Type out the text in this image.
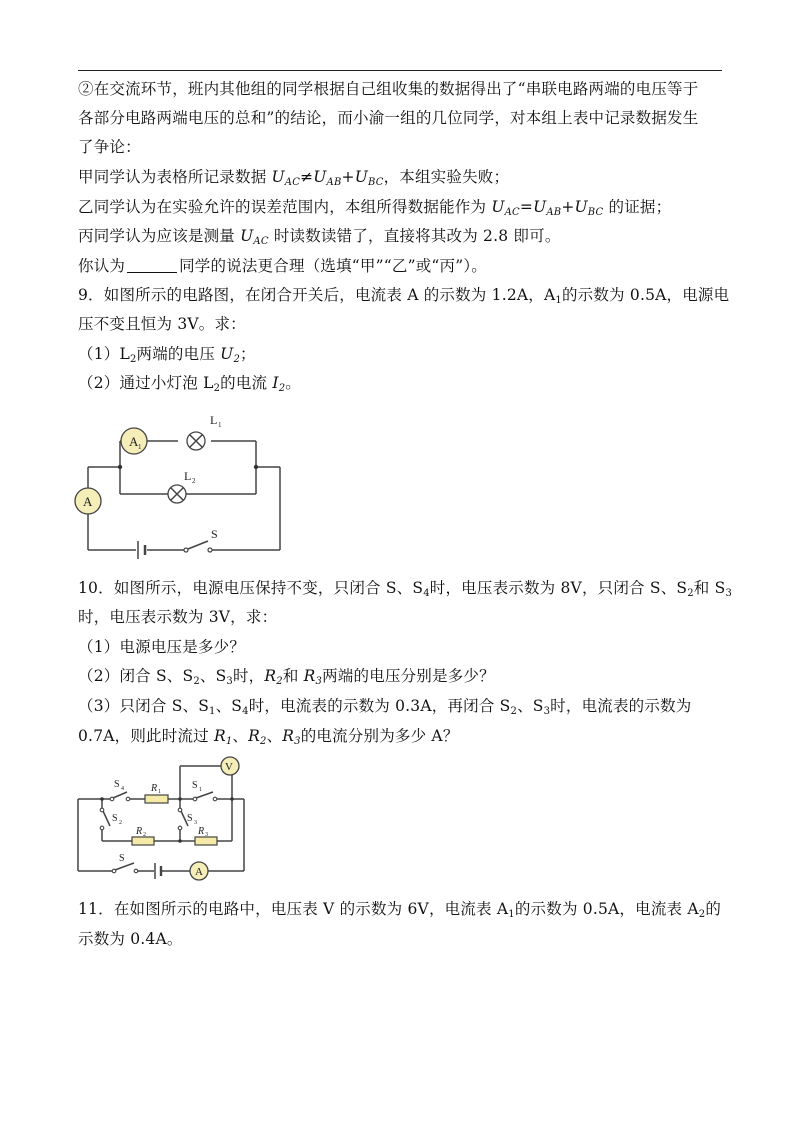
②在交流环节，班内其他组的同学根据自己组收集的数据得出了“串联电路两端的电压等于
各部分电路两端电压的总和”的结论，而小渝一组的几位同学，对本组上表中记录数据发生
了争论：
甲同学认为表格所记录数据 $U_{AC}\ne U_{AB}+U_{BC}$，本组实验失败；
乙同学认为在实验允许的误差范围内，本组所得数据能作为 $U_{AC}=U_{AB}+U_{BC}$ 的证据；
丙同学认为应该是测量 $U_{AC}$ 时读数读错了，直接将其改为 2.8 即可。
你认为	同学的说法更合理（选填“甲”“乙”或“丙”）。
9．如图所示的电路图，在闭合开关后，电流表 A 的示数为 1.2A，$A_1$的示数为 0.5A，电源电
压不变且恒为 3V。求：
$(1)L_2$两端的电压 $U_2$；
（2）通过小灯泡 $L_2$的电流 $I_2$。
A 1
L 1
L 2
A
S
10．如图所示，电源电压保持不变，只闭合 S、$S_4$时，电压表示数为 8V，只闭合 S、$S_2$和 $S_3$
时，电压表示数为 3V，求：
（1）电源电压是多少？
（2）闭合 S、$S_2$、$S_3$时，$R_2$和 $R_3$两端的电压分别是多少？
（3）只闭合 S、$S_1$、$S_4$时，电流表的示数为 0.3A，再闭合 $S_2$、$S_3$时，电流表的示数为
0.7A，则此时流过 $R_1$、$R_2$、$R_3$的电流分别为多少 A？
V
S 4	R 1
S 1
S 2
R 2
S 3
R 3
S
A
11．在如图所示的电路中，电压表 V 的示数为 6V，电流表 $A_1$的示数为 0.5A，电流表 $A_2$的
示数为 0.4A。
